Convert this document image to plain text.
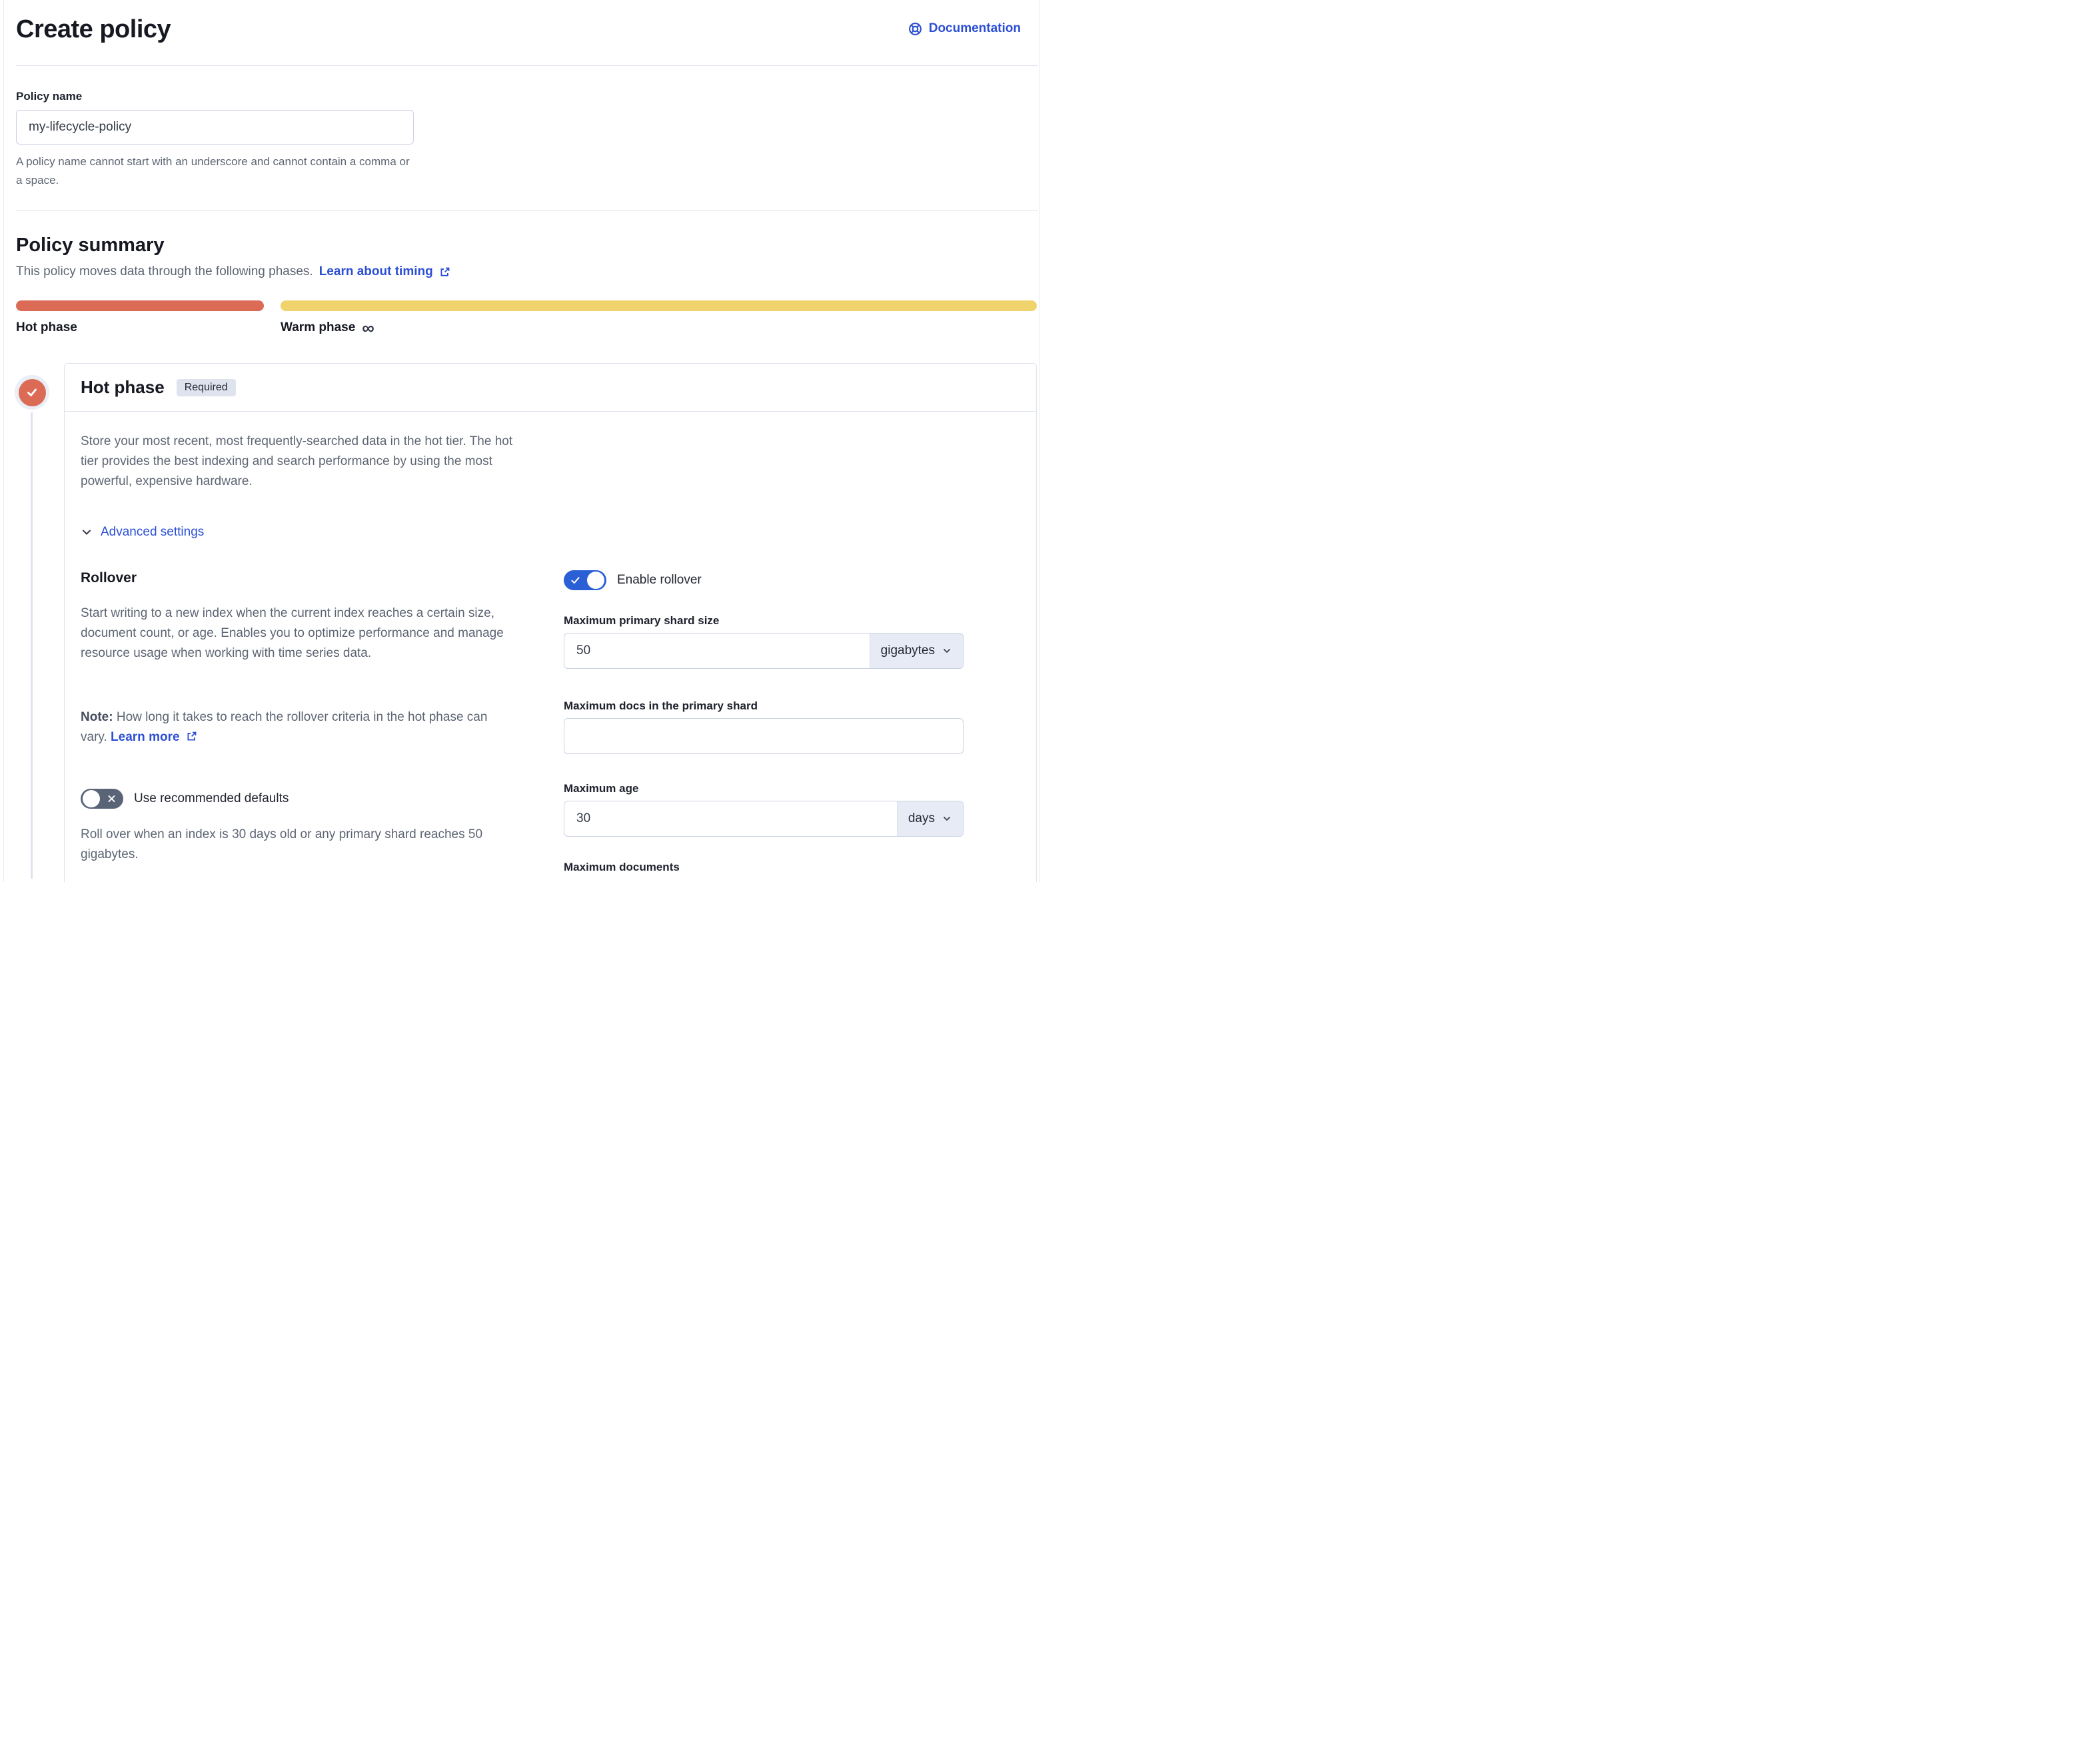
Create policy	Documentation
Policy name
my-lifecycle-policy

A policy name cannot start with an underscore and cannot contain a comma or a space.

Policy summary
This policy moves data through the following phases. Learn about timing
Hot phase	Warm phase ∞
Hot phase	Required

Store your most recent, most frequently-searched data in the hot tier. The hot tier provides the best indexing and search performance by using the most powerful, expensive hardware.

Advanced settings
Rollover

Start writing to a new index when the current index reaches a certain size, document count, or age. Enables you to optimize performance and manage resource usage when working with time series data.

Note: How long it takes to reach the rollover criteria in the hot phase can vary. Learn more

Use recommended defaults

Roll over when an index is 30 days old or any primary shard reaches 50 gigabytes.

Enable rollover
Maximum primary shard size
50
gigabytes
Maximum docs in the primary shard
Maximum age
30
days
Maximum documents
